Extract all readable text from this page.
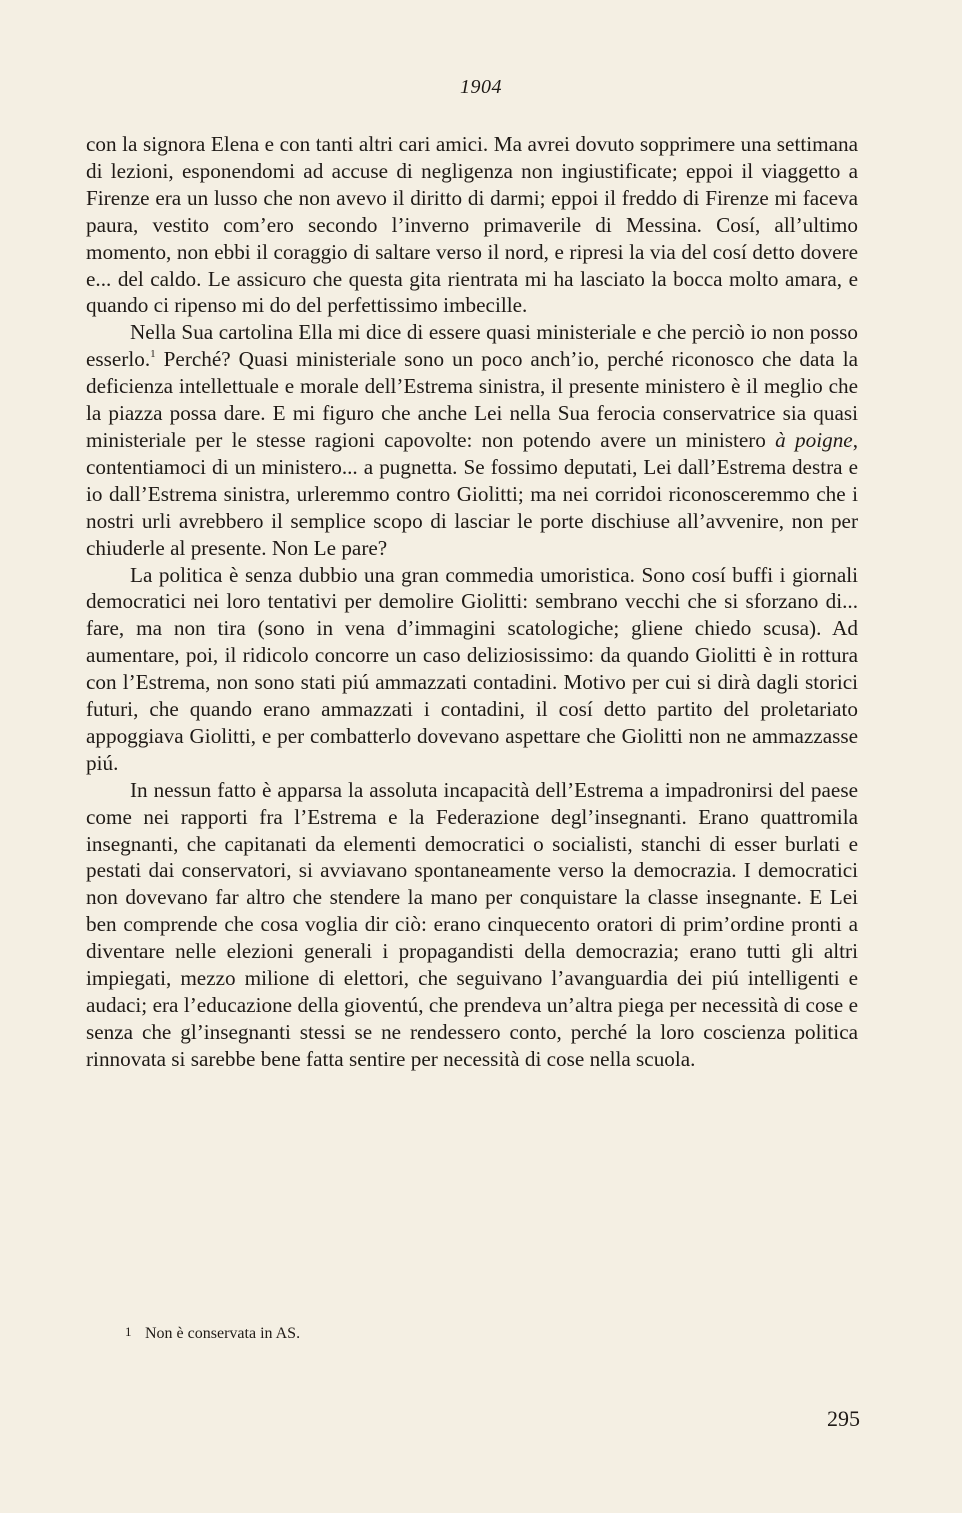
1904

con la signora Elena e con tanti altri cari amici. Ma avrei dovuto sopprimere una settimana di lezioni, esponendomi ad accuse di negligenza non ingiustificate; eppoi il viaggetto a Firenze era un lusso che non avevo il diritto di darmi; eppoi il freddo di Firenze mi faceva paura, vestito com’ero secondo l’inverno primaverile di Messina. Cosí, all’ultimo momento, non ebbi il coraggio di saltare verso il nord, e ripresi la via del cosí detto dovere e... del caldo. Le assicuro che questa gita rientrata mi ha lasciato la bocca molto amara, e quando ci ripenso mi do del perfettissimo imbecille.

Nella Sua cartolina Ella mi dice di essere quasi ministeriale e che perciò io non posso esserlo.$^1$ Perché? Quasi ministeriale sono un poco anch’io, perché riconosco che data la deficienza intellettuale e morale dell’Estrema sinistra, il presente ministero è il meglio che la piazza possa dare. E mi figuro che anche Lei nella Sua ferocia conservatrice sia quasi ministeriale per le stesse ragioni capovolte: non potendo avere un ministero à poigne, contentiamoci di un ministero... a pugnetta. Se fossimo deputati, Lei dall’Estrema destra e io dall’Estrema sinistra, urleremmo contro Giolitti; ma nei corridoi riconosceremmo che i nostri urli avrebbero il semplice scopo di lasciar le porte dischiuse all’avvenire, non per chiuderle al presente. Non Le pare?

La politica è senza dubbio una gran commedia umoristica. Sono cosí buffi i giornali democratici nei loro tentativi per demolire Giolitti: sembrano vecchi che si sforzano di... fare, ma non tira (sono in vena d’immagini scatologiche; gliene chiedo scusa). Ad aumentare, poi, il ridicolo concorre un caso deliziosissimo: da quando Giolitti è in rottura con l’Estrema, non sono stati piú ammazzati contadini. Motivo per cui si dirà dagli storici futuri, che quando erano ammazzati i contadini, il cosí detto partito del proletariato appoggiava Giolitti, e per combatterlo dovevano aspettare che Giolitti non ne ammazzasse piú.

In nessun fatto è apparsa la assoluta incapacità dell’Estrema a impadronirsi del paese come nei rapporti fra l’Estrema e la Federazione degl’insegnanti. Erano quattromila insegnanti, che capitanati da elementi democratici o socialisti, stanchi di esser burlati e pestati dai conservatori, si avviavano spontaneamente verso la democrazia. I democratici non dovevano far altro che stendere la mano per conquistare la classe insegnante. E Lei ben comprende che cosa voglia dir ciò: erano cinquecento oratori di prim’ordine pronti a diventare nelle elezioni generali i propagandisti della democrazia; erano tutti gli altri impiegati, mezzo milione di elettori, che seguivano l’avanguardia dei piú intelligenti e audaci; era l’educazione della gioventú, che prendeva un’altra piega per necessità di cose e senza che gl’insegnanti stessi se ne rendessero conto, perché la loro coscienza politica rinnovata si sarebbe bene fatta sentire per necessità di cose nella scuola.

1 Non è conservata in AS.
295
